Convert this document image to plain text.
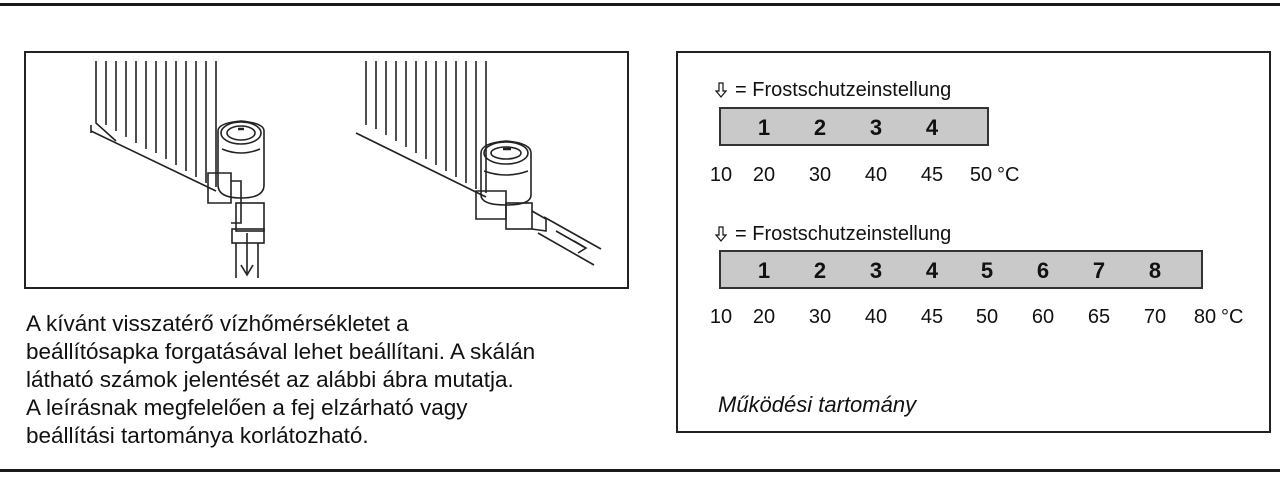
A kívánt visszatérő vízhőmérsékletet a
beállítósapka forgatásával lehet beállítani. A skálán
látható számok jelentését az alábbi ábra mutatja.
A leírásnak megfelelően a fej elzárható vagy
beállítási tartománya korlátozható.
= Frostschutzeinstellung
1 2 3 4
10 20 30 40 45 50 °C
= Frostschutzeinstellung
1 2 3 4 5 6 7 8
10 20 30 40 45 50 60 65 70 80 °C
Működési tartomány
